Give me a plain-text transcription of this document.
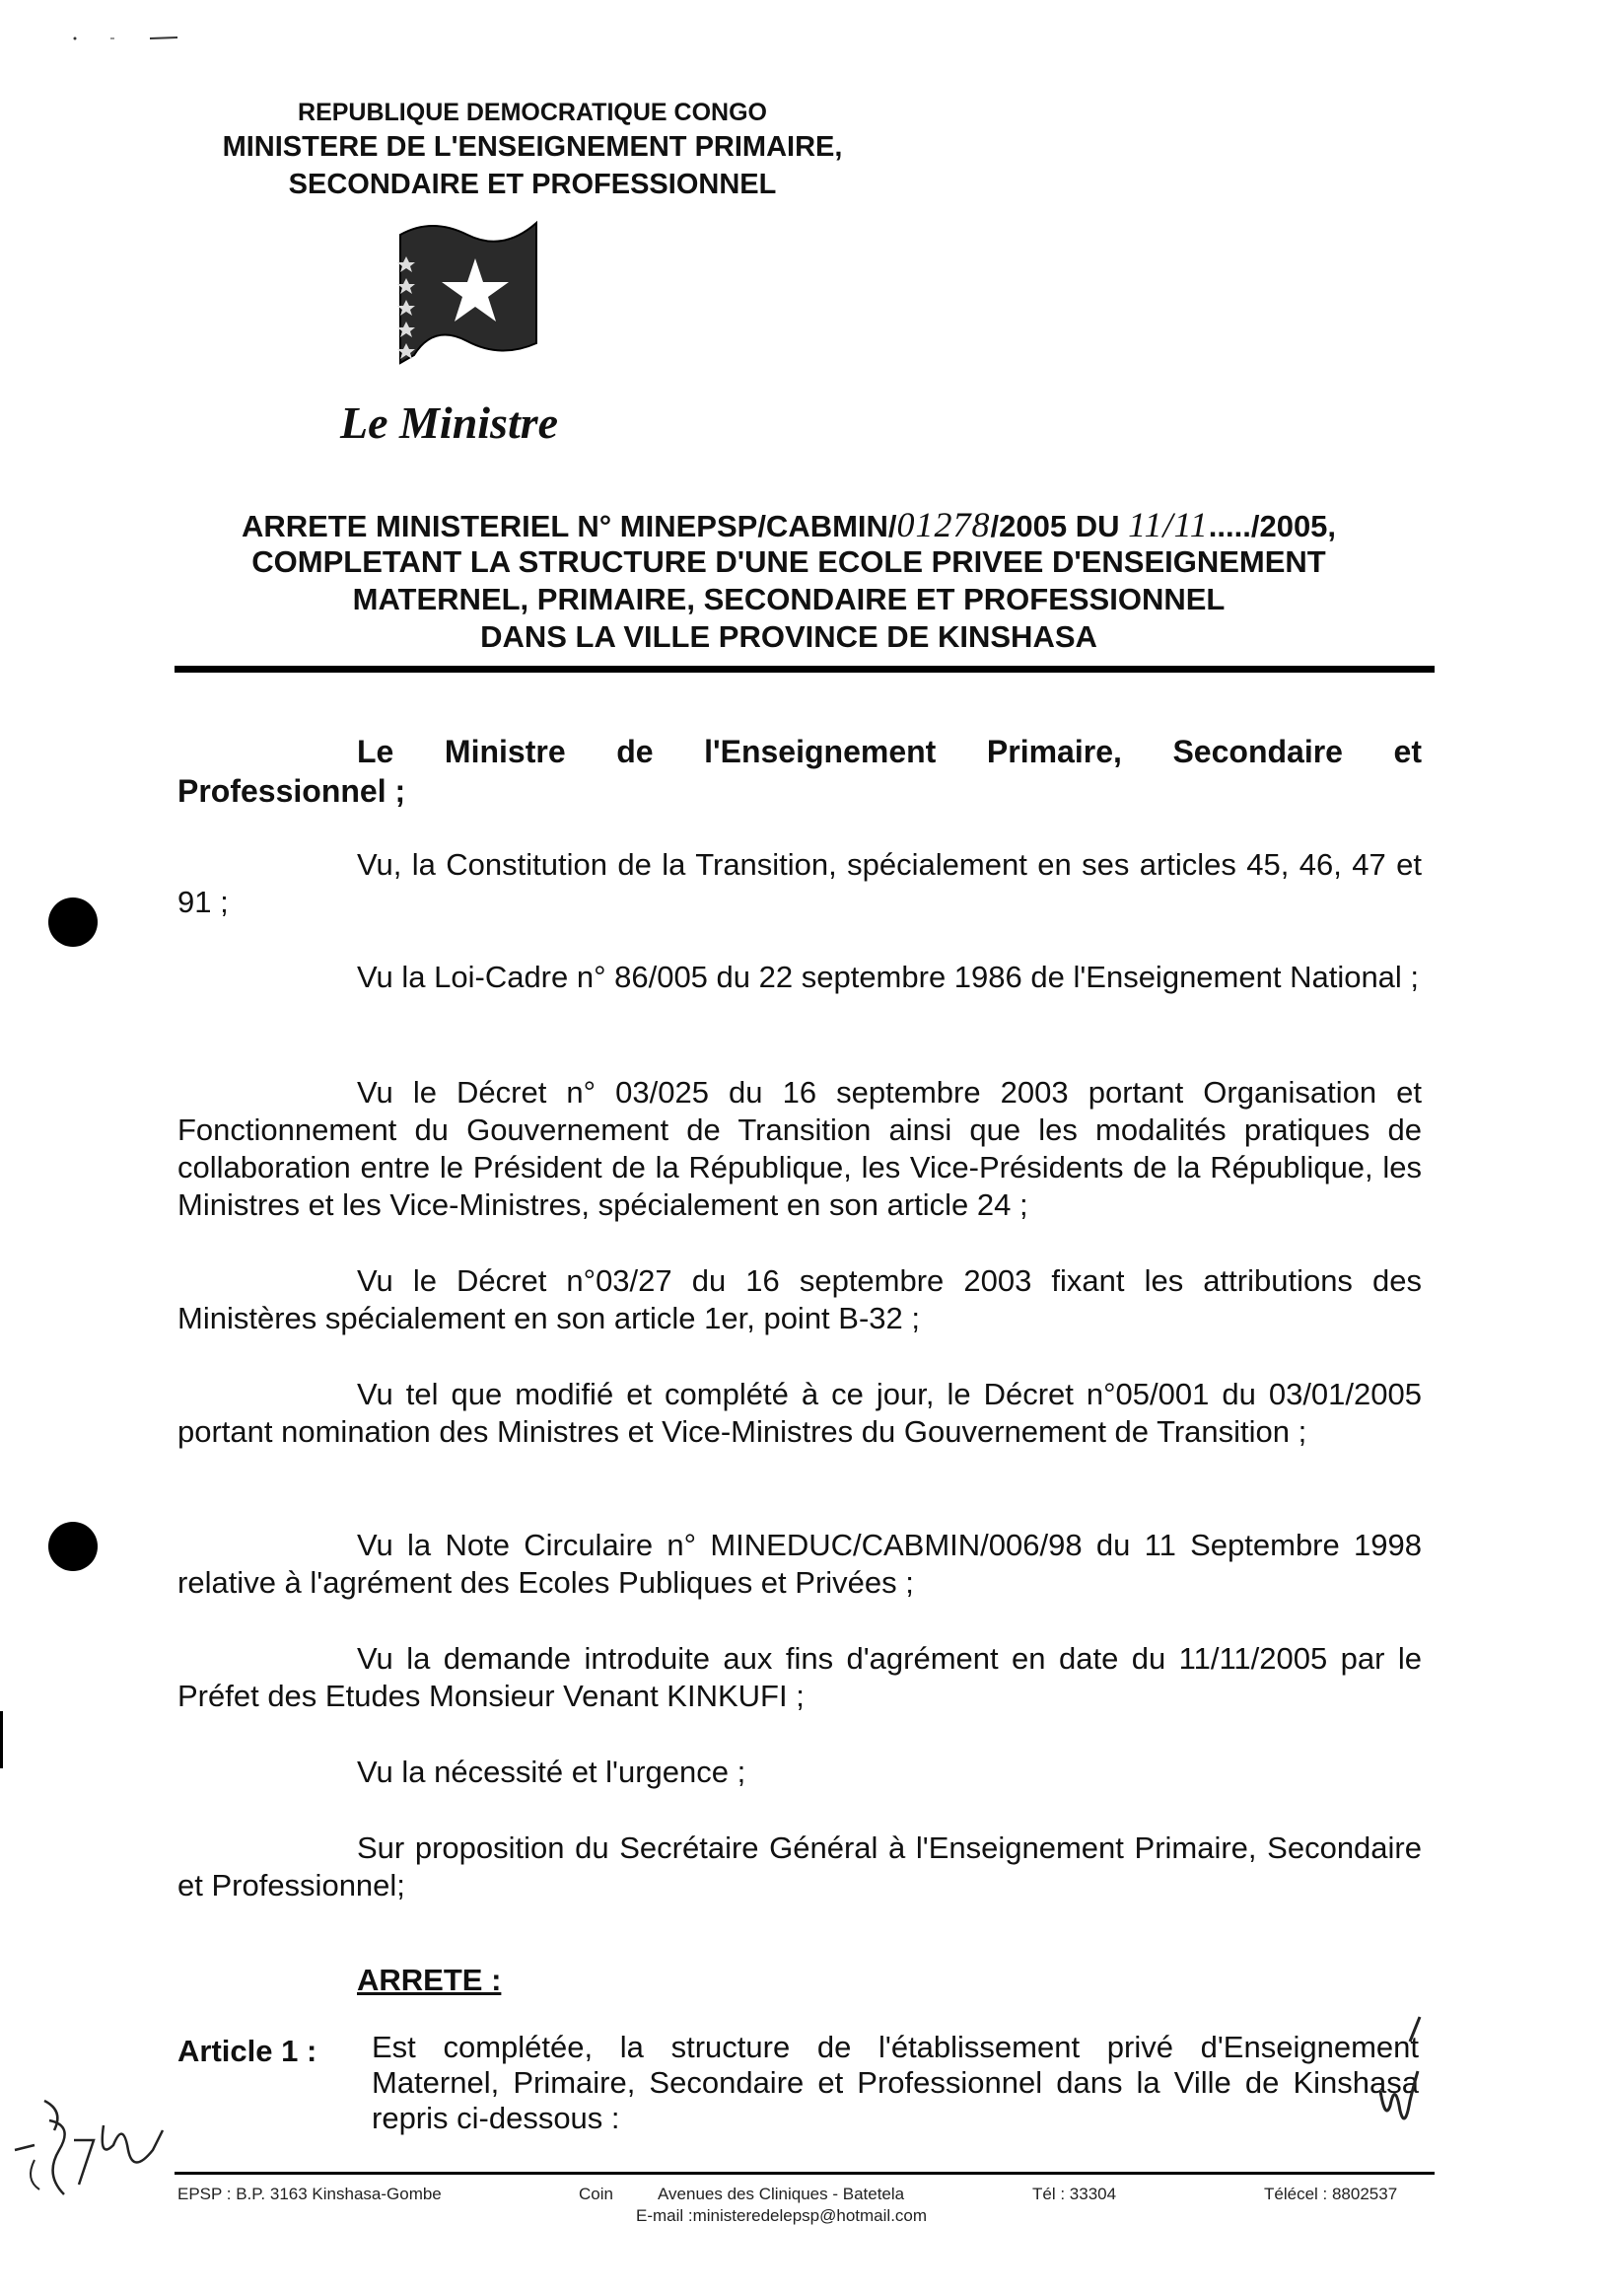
REPUBLIQUE DEMOCRATIQUE CONGO
MINISTERE DE L'ENSEIGNEMENT PRIMAIRE,
SECONDAIRE ET PROFESSIONNEL
Le Ministre
ARRETE MINISTERIEL N° MINEPSP/CABMIN/01278/2005 DU 11/11...../2005,
COMPLETANT LA STRUCTURE D'UNE ECOLE PRIVEE D'ENSEIGNEMENT
MATERNEL, PRIMAIRE, SECONDAIRE ET PROFESSIONNEL
DANS LA VILLE PROVINCE DE KINSHASA
Le Ministre de l'Enseignement Primaire, Secondaire et
Professionnel ;
Vu, la Constitution de la Transition, spécialement en ses articles 45, 46, 47 et 91 ;
Vu la Loi-Cadre n° 86/005 du 22 septembre 1986 de l'Enseignement National ;
Vu le Décret n° 03/025 du 16 septembre 2003 portant Organisation et Fonctionnement du Gouvernement de Transition ainsi que les modalités pratiques de collaboration entre le Président de la République, les Vice-Présidents de la République, les Ministres et les Vice-Ministres, spécialement en son article 24 ;
Vu le Décret n°03/27 du 16 septembre 2003 fixant les attributions des Ministères spécialement en son article 1er, point B-32 ;
Vu tel que modifié et complété à ce jour, le Décret n°05/001 du 03/01/2005 portant nomination des Ministres et Vice-Ministres du Gouvernement de Transition ;
Vu la Note Circulaire n° MINEDUC/CABMIN/006/98 du 11 Septembre 1998 relative à l'agrément des Ecoles Publiques et Privées ;
Vu la demande introduite aux fins d'agrément en date du 11/11/2005 par le Préfet des Etudes Monsieur Venant KINKUFI ;
Vu la nécessité et l'urgence ;
Sur proposition du Secrétaire Général à l'Enseignement Primaire, Secondaire et Professionnel;
ARRETE :
Article 1 : Est complétée, la structure de l'établissement privé d'Enseignement Maternel, Primaire, Secondaire et Professionnel dans la Ville de Kinshasa repris ci-dessous :
EPSP : B.P. 3163 Kinshasa-Gombe	Coin	Avenues des Cliniques - Batetela	Tél : 33304	Télécel : 8802537
E-mail :ministeredelepsp@hotmail.com
